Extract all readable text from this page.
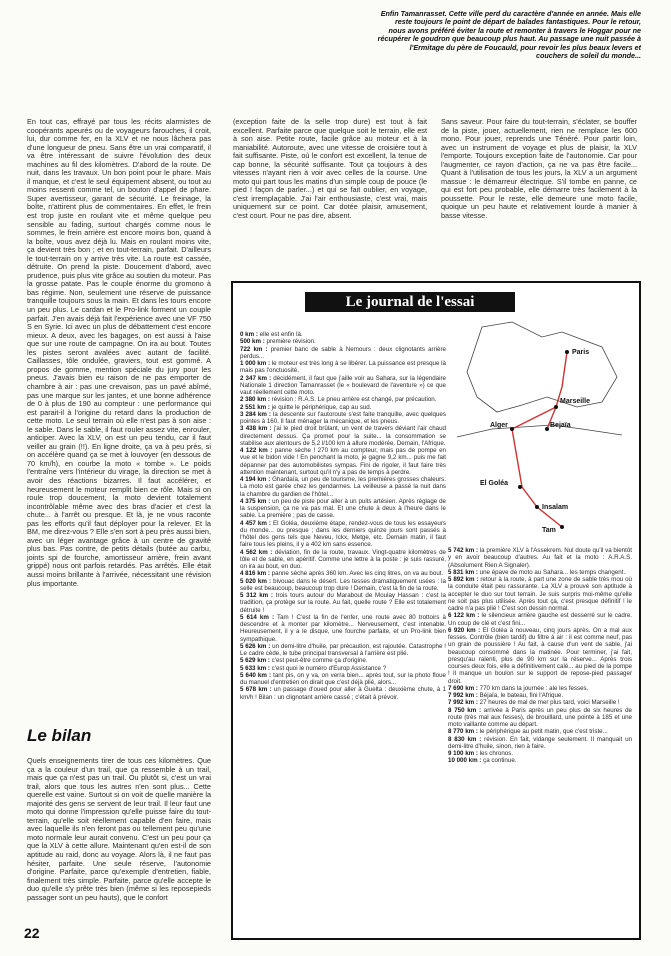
Enfin Tamanrasset. Cette ville perd du caractère d'année en année. Mais elle reste toujours le point de départ de balades fantastiques. Pour le retour, nous avons préféré éviter la route et remonter à travers le Hoggar pour ne récupérer le goudron que beaucoup plus haut. Au passage une nuit passée à l'Ermitage du père de Foucauld, pour revoir les plus beaux levers et couchers de soleil du monde...

En tout cas, effrayé par tous les récits alarmistes de coopérants apeurés ou de voyageurs farouches, il croit, lui, dur comme fer, en la XLV et ne nous lâchera pas d'une longueur de pneu. Sans être un vrai comparatif, il va être intéressant de suivre l'évolution des deux machines au fil des kilomètres. D'abord de la route. De nuit, dans les travaux. Un bon point pour le phare. Mais il manque, et c'est le seul équipement absent, ou tout au moins ressenti comme tel, un bouton d'appel de phare. Super avertisseur, garant de sécurité. Le freinage, la boîte, n'attirent plus de commentaires. En effet, le frein est trop juste en roulant vite et même quelque peu sensible au fading, surtout chargés comme nous le sommes, le frein arrière est encore moins bon, quand à la boîte, vous avez déjà lu. Mais en roulant moins vite, ça devient très bon ; et en tout-terrain, parfait. D'ailleurs le tout-terrain on y arrive très vite. La route est cassée, détruite. On prend la piste. Doucement d'abord, avec prudence, puis plus vite grâce au soutien du moteur. Pas la grosse patate. Pas le couple énorme du gromono à bas régime. Non, seulement une réserve de puissance tranquille toujours sous la main. Et dans les tours encore un peu plus. Le cardan et le Pro-link forment un couple parfait. J'en avais déjà fait l'expérience avec une VF 750 S en Syrie. Ici avec un plus de débattement c'est encore mieux. A deux, avec les bagages, on est aussi à l'aise que sur une route de campagne. On ira au bout. Toutes les pistes seront avalées avec autant de facilité. Caillasses, tôle ondulée, graviers, tout est gommé. A propos de gomme, mention spéciale du jury pour les pneus. J'avais bien eu raison de ne pas emporter de chambre à air : pas une crevaison, pas un pavé abîmé, pas une marque sur les jantes, et une bonne adhérence de 0 à plus de 190 au compteur : une performance qui est parait-il à l'origine du retard dans la production de cette moto. Le seul terrain où elle n'est pas à son aise : le sable. Dans le sable, il faut rouler assez vite, enrouler, anticiper. Avec la XLV, on est un peu tendu, car il faut veiller au grain (!!). En ligne droite, ça va à peu près, si on accélère quand ça se met à louvoyer (en dessous de 70 km/h), en courbe la moto « tombe ». Le poids l'entraîne vers l'intérieur du virage, la direction se met à avoir des réactions bizarres. Il faut accélérer, et heureusement le moteur remplit bien ce rôle. Mais si on roule trop doucement, la moto devient totalement incontrôlable même avec des bras d'acier et c'est la chute... à l'arrêt ou presque. Et là, je ne vous raconte pas les efforts qu'il faut déployer pour la relever. Et la BM, me direz-vous ? Elle s'en sort à peu près aussi bien, avec un léger avantage grâce à un centre de gravité plus bas. Pas contre, de petits détails (butée au carbu, joints spi de fourche, amortisseur arrière, frein avant grippé) nous ont parfois retardés. Pas arrêtés. Elle était aussi moins brillante à l'arrivée, nécessitant une révision plus importante.

(exception faite de la selle trop dure) est tout à fait excellent. Parfaite parce que quelque soit le terrain, elle est à son aise. Petite route, facile grâce au moteur et à la maniabilité. Autoroute, avec une vitesse de croisière tout à fait suffisante. Piste, où le confort est excellent, la tenue de cap bonne, la sécurité suffisante. Tout ça toujours à des vitesses n'ayant rien à voir avec celles de la course. Une moto qui part tous les matins d'un simple coup de pouce (le pied ! façon de parler...) et qui se fait oublier, en voyage, c'est irremplaçable. J'ai l'air enthousiaste, c'est vrai, mais uniquement sur ce point. Car dotée plaisir, amusement, c'est court. Pour ne pas dire, absent.

Sans saveur. Pour faire du tout-terrain, s'éclater, se bouffer de la piste, jouer, actuellement, rien ne remplace les 600 mono. Pour jouer, reprends une Ténéré. Pour partir loin, avec un instrument de voyage et plus de plaisir, la XLV l'emporte. Toujours exception faite de l'autonomie. Car pour l'augmenter, ce rayon d'action, ça ne va pas être facile... Quant à l'utilisation de tous les jours, la XLV a un argument massue : le démarreur électrique. S'il tombe en panne, ce qui est fort peu probable, elle démarre très facilement à la poussette. Pour le reste, elle demeure une moto facile, quoique un peu haute et relativement lourde à manier à basse vitesse.

Le bilan
Quels enseignements tirer de tous ces kilomètres. Que ça a la couleur d'un trail, que ça ressemble à un trail, mais que ça n'est pas un trail. Ou plutôt si, c'est un vrai trail, alors que tous les autres n'en sont plus... Cette querelle est vaine. Surtout si on voit de quelle manière la majorité des gens se servent de leur trail. Il leur faut une moto qui donne l'impression qu'elle puisse faire du tout-terrain, qu'elle soit réellement capable d'en faire, mais avec laquelle ils n'en feront pas ou tellement peu qu'une moto normale leur aurait convenu. C'est un peu pour ça que la XLV à cette allure. Maintenant qu'en est-il de son aptitude au raid, donc au voyage. Alors là, il ne faut pas hésiter, parfaite. Une seule réserve, l'autonomie d'origine. Parfaite, parce qu'exemple d'entretien, fiable, finalement très simple. Parfaite, parce qu'elle accepte le duo qu'elle s'y prête très bien (même si les reposepieds passager sont un peu hauts), que le confort
22
Le journal de l'essai
0 km : elle est enfin là.
500 km : première révision.
722 km : premier banc de sable à Nemours : deux clignotants arrière perdus...
1 000 km : le moteur est très long à se libérer. La puissance est presque là mais pas l'onctuosité.
2 347 km : décidément, il faut que j'aille voir au Sahara, sur la légendaire Nationale 1 direction Tamanrasset (le « boulevard de l'aventure ») ce que vaut réellement cette moto.
2 380 km : révision : R.A.S. Le pneu arrière est changé, par précaution.
2 551 km : je quitte le périphérique, cap au sud.
3 284 km : la descente sur l'autoroute s'est faite tranquille, avec quelques pointes à 160. Il faut ménager la mécanique, et les pneus.
3 438 km : j'ai le pied droit brûlant, un vent de travers déviant l'air chaud directement dessus. Ça promet pour la suite... la consommation se stabilise aux alentours de 5,2 l/100 km à allure modérée. Demain, l'Afrique.
4 122 km : panne sèche ! 270 km au compteur, mais pas de pompe en vue et le bidon vide ! En penchant la moto, je gagne 9,2 km... puis me fait dépanner par des automobilistes sympas. Fini de rigoler, il faut faire très attention maintenant, surtout qu'il n'y a pas de temps à perdre.
4 194 km : Ghardaïa, un peu de tourisme, les premières grosses chaleurs. La moto est garée chez les gendarmes. La veilleuse a passé la nuit dans la chambre du gardien de l'hôtel...
4 375 km : un peu de piste pour aller à un puits artésien. Après réglage de la suspension, ça ne va pas mal. Et une chute à deux à l'heure dans le sable. La première ; pas de casse.
4 457 km : El Goléa, deuxième étape, rendez-vous de tous les essayeurs du monde... ou presque ; dans les derniers quinze jours sont passés à l'hôtel des gens tels que Neveu, Ickx, Metge, etc. Demain matin, il faut faire tous les pleins, il y a 402 km sans essence.
4 562 km : déviation, fin de la route, travaux. Vingt-quatre kilomètres de tôle et de sable, en apéritif. Comme une lettre à la poste : je suis rassuré, on ira au bout, en duo.
4 816 km : panne sèche après 360 km. Avec les cinq litres, on va au bout.
5 020 km : bivouac dans le désert. Les tesses dramatiquement usées : la selle est beaucoup, beaucoup trop dure ! Demain, c'est la fin de la route.
5 312 km : trois tours autour du Marabout de Moulay Hassan : c'est la tradition, ça protège sur la route. Au fait, quelle route ? Elle est totalement détruite !
5 614 km : Tam ! C'est la fin de l'enfer, une route avec 80 trottoirs à descendre et à monter par kilomètre... Nerveusement, c'est intenable. Heureusement, il y a le disque, une fourche parfaite, et un Pro-link bien sympathique.
5 626 km : un demi-litre d'huile, par précaution, est rajoutée. Catastrophe ! Le cadre cède, le tube principal transversal à l'arrière est plié.
5 629 km : c'est peut-être comme ça d'origine.
5 633 km : c'est quoi le numéro d'Europ Assistance ?
5 640 km : tant pis, on y va, on verra bien... après tout, sur la photo floue du manuel d'entretien on dirait que c'est déjà plié, alors...
5 678 km : un passage d'oued pour aller à Guelta : deuxième chute, à 1 km/h ! Bilan : un clignotant arrière cassé ; c'était à prévoir.
5 742 km : la première XLV à l'Assekrem. Nul doute qu'il va bientôt y en avoir beaucoup d'autres. Au fait et la moto : A.R.A.S. (Absolument Rien A Signaler).
5 831 km : une épave de moto au Sahara... les temps changent.
5 892 km : retour à la route, à part une zone de sable très mou où la conduite était peu rassurante. La XLV a prouvé son aptitude à accepter le duo sur tout terrain. Je suis surpris moi-même qu'elle ne soit pas plus utilisée. Après tout ça, c'est presque définitif ! le cadre n'a pas plié ! C'est son dessin normal.
6 122 km : le silencieux arrière gauche est desserré sur le cadre. Un coup de clé et c'est fini...
6 920 km : El Goléa à nouveau, cinq jours après. On a mal aux fesses. Contrôle (bien tardif) du filtre à air : il est comme neuf, pas un grain de poussière ! Au fait, à cause d'un vent de sable, j'ai beaucoup consommé dans la matinée. Pour terminer, j'ai fait, presqu'au ralenti, plus de 90 km sur la réserve... Après trois courses deux fois, elle a définitivement calé... au pied de la pompe ! Il manque un boulon sur le support de repose-pied passager droit.
7 690 km : 770 km dans la journée : ale les fesses.
7 992 km : Béjaïa, le bateau, fini l'Afrique.
7 992 km : 27 heures de mal de mer plus tard, voici Marseille !
8 750 km : arrivée à Paris après un peu plus de six heures de route (très mal aux fesses), de brouillard, une pointe à 185 et une moto vaillante comme au départ.
8 770 km : le périphérique au petit matin, que c'est triste...
8 830 km : révision. En fait, vidange seulement. Il manquait un demi-litre d'huile, sinon, rien à faire.
9 100 km : les chronos.
10 000 km : ça continue.
Paris
Marseille
Alger	Bejaïa
El Goléa
Insalam
Tam
